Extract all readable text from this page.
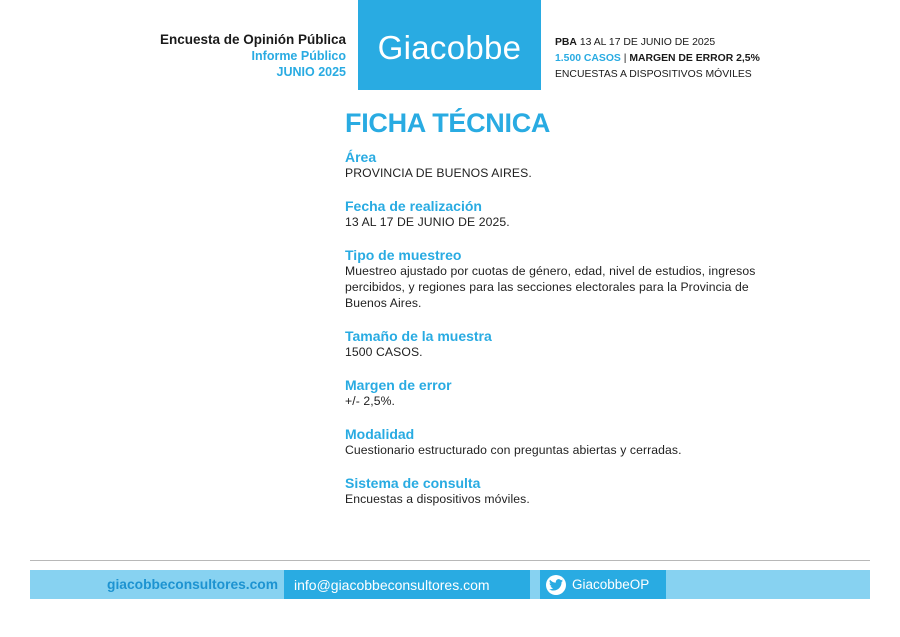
Encuesta de Opinión Pública
Informe Público
JUNIO 2025
Giacobbe	PBA 13 AL 17 DE JUNIO DE 2025
1.500 CASOS | MARGEN DE ERROR 2,5%
ENCUESTAS A DISPOSITIVOS MÓVILES
FICHA TÉCNICA
Área
PROVINCIA DE BUENOS AIRES.
Fecha de realización
13 AL 17 DE JUNIO DE 2025.
Tipo de muestreo
Muestreo ajustado por cuotas de género, edad, nivel de estudios, ingresos percibidos, y regiones para las secciones electorales para la Provincia de Buenos Aires.
Tamaño de la muestra
1500 CASOS.
Margen de error
+/- 2,5%.
Modalidad
Cuestionario estructurado con preguntas abiertas y cerradas.
Sistema de consulta
Encuestas a dispositivos móviles.
giacobbeconsultores.com	info@giacobbeconsultores.com	GiacobbeOP
